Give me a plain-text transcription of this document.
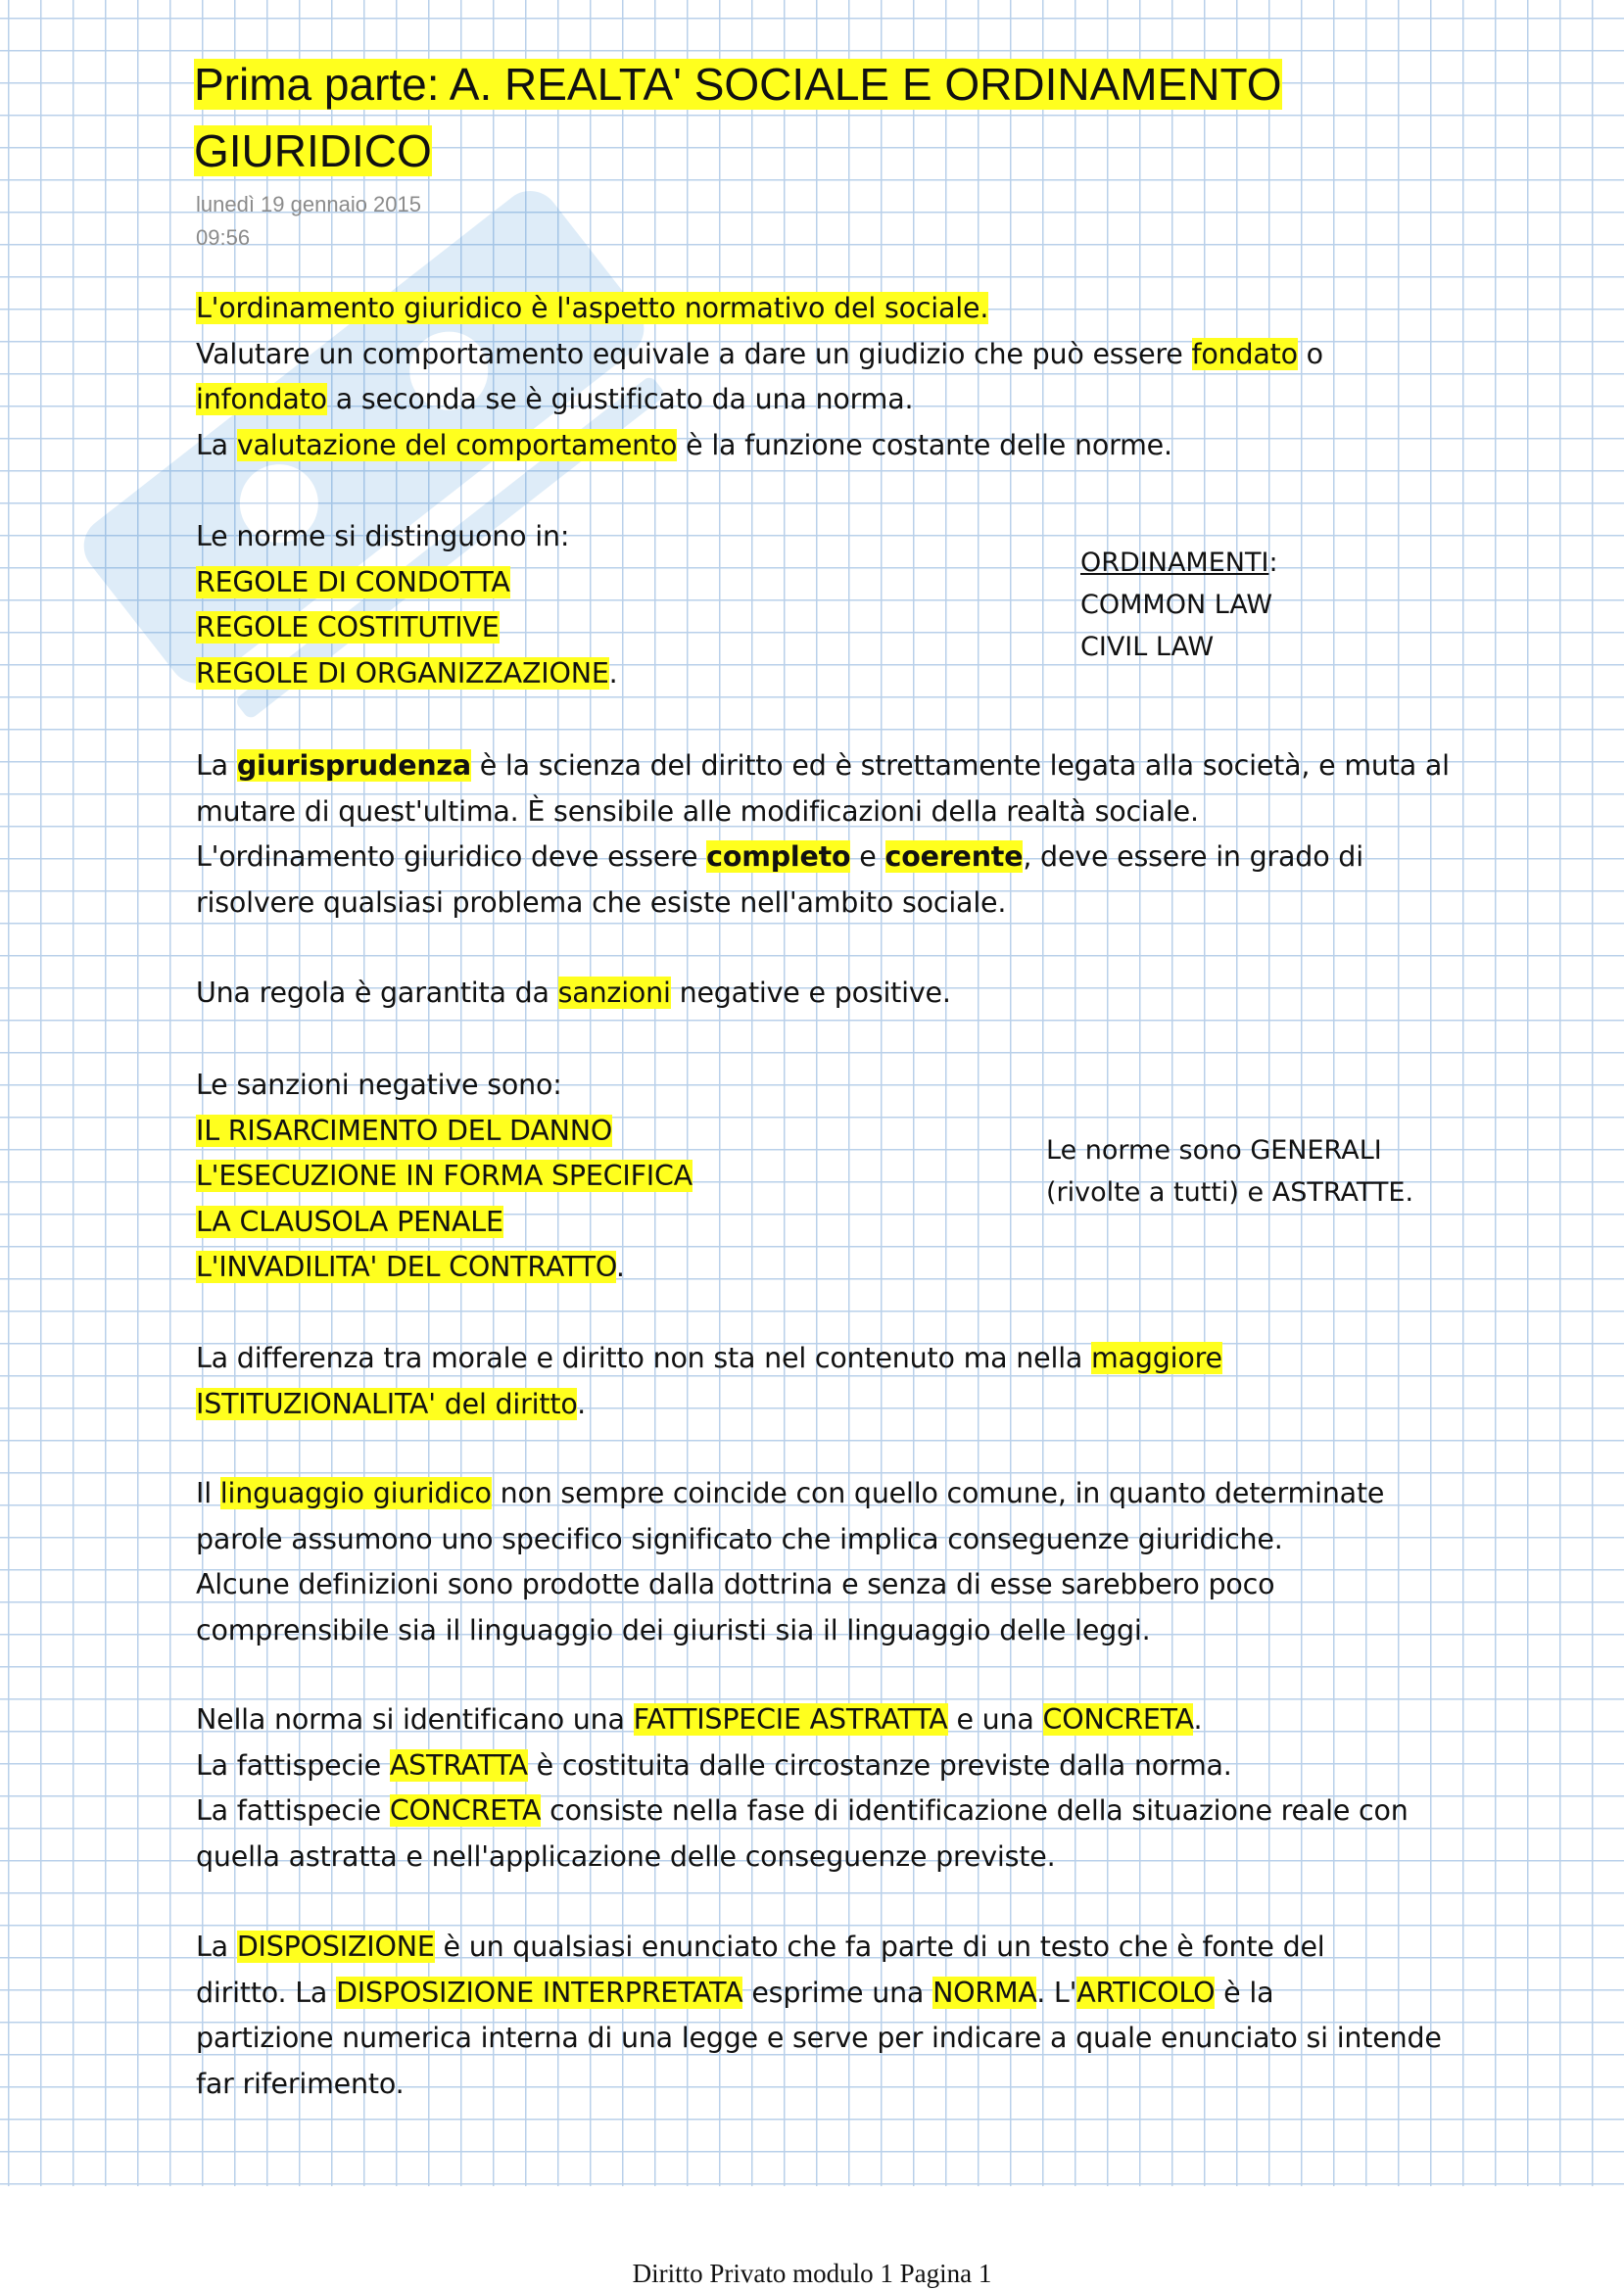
Prima parte: A. REALTA' SOCIALE E ORDINAMENTO
GIURIDICO
lunedì 19 gennaio 2015
09:56

L'ordinamento giuridico è l'aspetto normativo del sociale.

Valutare un comportamento equivale a dare un giudizio che può essere fondato o

infondato a seconda se è giustificato da una norma.

La valutazione del comportamento è la funzione costante delle norme.

Le norme si distinguono in:

REGOLE DI CONDOTTA

REGOLE COSTITUTIVE

REGOLE DI ORGANIZZAZIONE.

ORDINAMENTI:

COMMON LAW

CIVIL LAW

La giurisprudenza è la scienza del diritto ed è strettamente legata alla società, e muta al

mutare di quest'ultima. È sensibile alle modificazioni della realtà sociale.

L'ordinamento giuridico deve essere completo e coerente, deve essere in grado di

risolvere qualsiasi problema che esiste nell'ambito sociale.

Una regola è garantita da sanzioni negative e positive.

Le sanzioni negative sono:

IL RISARCIMENTO DEL DANNO

L'ESECUZIONE IN FORMA SPECIFICA

LA CLAUSOLA PENALE

L'INVADILITA' DEL CONTRATTO.

Le norme sono GENERALI

(rivolte a tutti) e ASTRATTE.

La differenza tra morale e diritto non sta nel contenuto ma nella maggiore

ISTITUZIONALITA' del diritto.

Il linguaggio giuridico non sempre coincide con quello comune, in quanto determinate

parole assumono uno specifico significato che implica conseguenze giuridiche.

Alcune definizioni sono prodotte dalla dottrina e senza di esse sarebbero poco

comprensibile sia il linguaggio dei giuristi sia il linguaggio delle leggi.

Nella norma si identificano una FATTISPECIE ASTRATTA e una CONCRETA.

La fattispecie ASTRATTA è costituita dalle circostanze previste dalla norma.

La fattispecie CONCRETA consiste nella fase di identificazione della situazione reale con

quella astratta e nell'applicazione delle conseguenze previste.

La DISPOSIZIONE è un qualsiasi enunciato che fa parte di un testo che è fonte del

diritto. La DISPOSIZIONE INTERPRETATA esprime una NORMA. L'ARTICOLO è la

partizione numerica interna di una legge e serve per indicare a quale enunciato si intende

far riferimento.

Diritto Privato modulo 1 Pagina 1
